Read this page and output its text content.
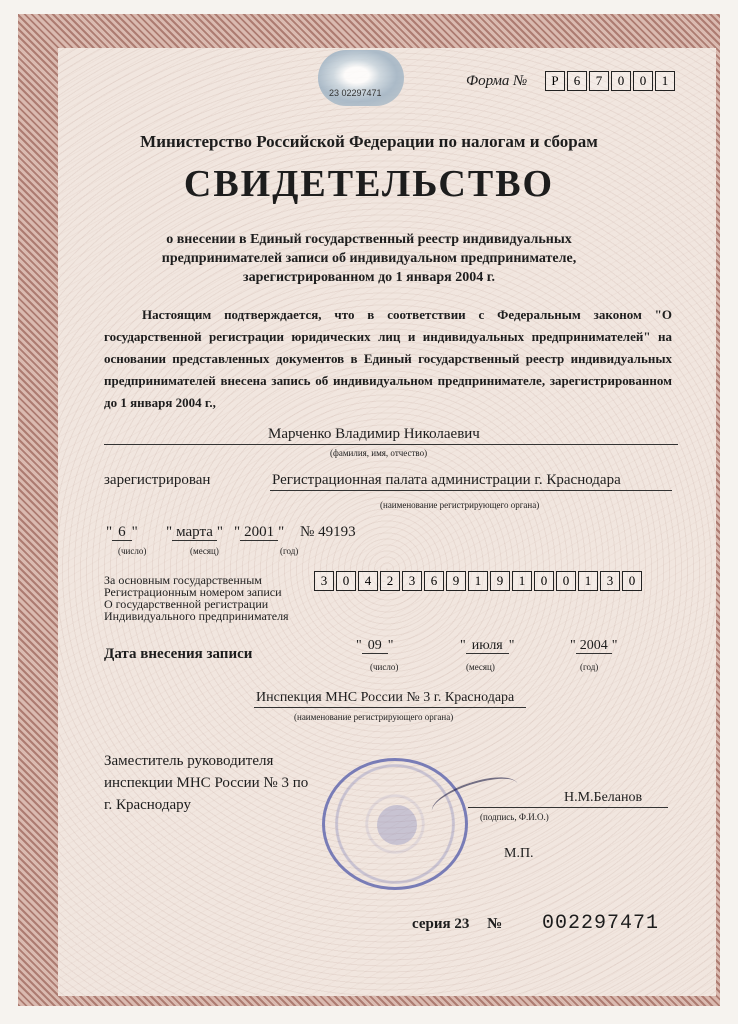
23 02297471
Форма №	Р	6	7	0	0	1
Министерство Российской Федерации по налогам и сборам
СВИДЕТЕЛЬСТВО
о внесении в Единый государственный реестр индивидуальных
предпринимателей записи об индивидуальном предпринимателе,
зарегистрированном до 1 января 2004 г.
Настоящим подтверждается, что в соответствии с Федеральным законом "О государственной регистрации юридических лиц и индивидуальных предпринимателей" на основании представленных документов в Единый государственный реестр индивидуальных предпринимателей внесена запись об индивидуальном предпринимателе, зарегистрированном до 1 января 2004 г.,
Марченко Владимир Николаевич
(фамилия, имя, отчество)
зарегистрирован	Регистрационная палата администрации г. Краснодара
(наименование регистрирующего органа)
" 6 " " марта " " 2001 " № 49193
(число)	(месяц)	(год)
За основным государственным
Регистрационным номером записи
О государственной регистрации
Индивидуального предпринимателя
3	0	4	2	3	6	9	1	9	1	0	0	1	3	0
Дата внесения записи
" 09 "	" июля "	" 2004 "
(число)	(месяц)	(год)
Инспекция МНС России № 3 г. Краснодара
(наименование регистрирующего органа)
Заместитель руководителя
инспекции МНС России № 3 по
г. Краснодару	Н.М.Беланов
(подпись, Ф.И.О.)
М.П.
серия 23 № 002297471
